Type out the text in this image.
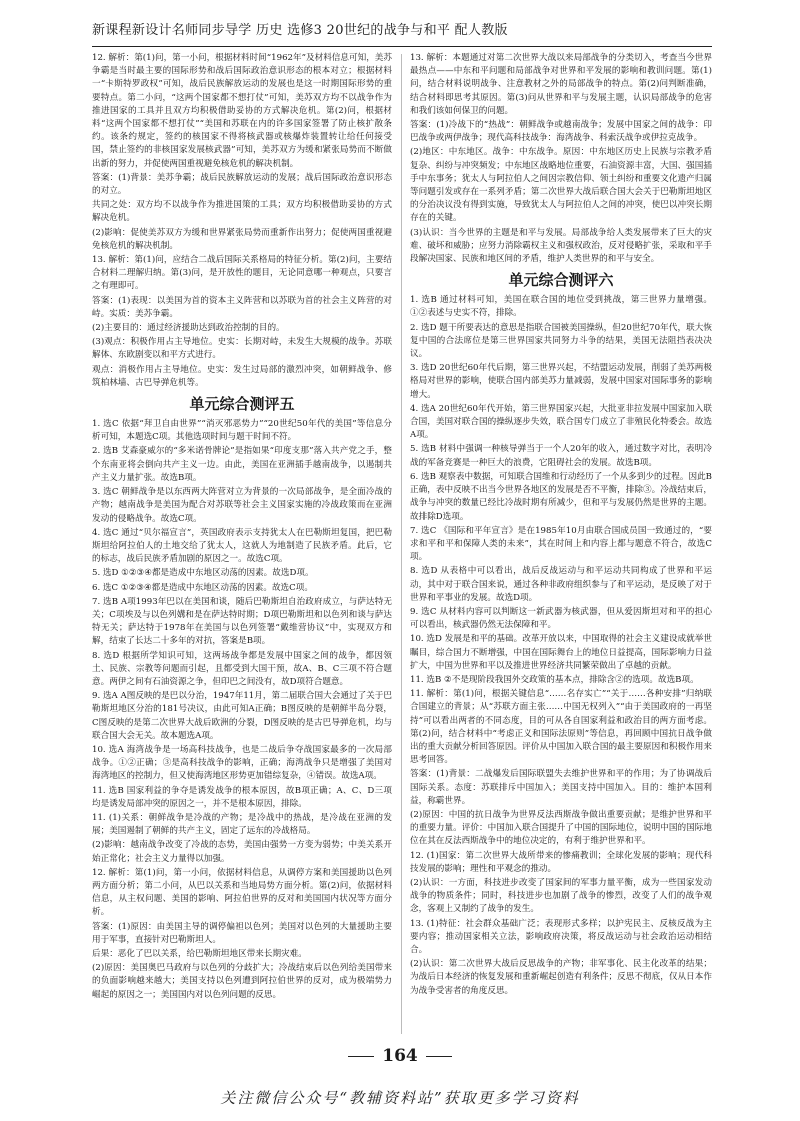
新课程新设计名师同步导学 历史 选修3 20世纪的战争与和平 配人教版
12. 解析：第(1)问，第一小问，根据材料时间“1962年”及材料信息可知，美苏争霸是当时最主要的国际形势和战后国际政治意识形态的根本对立；根据材料一“卡斯特罗政权”可知，战后民族解放运动的发展也是这一时期国际形势的重要特点。第二小问，“这两个国家都不想打仗”可知，美苏双方均不以战争作为推进国家的工具并且双方均积极借助妥协的方式解决危机。第(2)问，根据材料“这两个国家都不想打仗”“美国和苏联在内的许多国家签署了防止核扩散条约。该条约规定，签约的核国家不得将核武器或核爆炸装置转让给任何接受国，禁止签约的非核国家发展核武器”可知，美苏双方为缓和紧张局势而不断做出新的努力，并促使两国重视避免核危机的解决机制。
答案：(1)背景：美苏争霸；战后民族解放运动的发展；战后国际政治意识形态的对立。
共同之处：双方均不以战争作为推进国策的工具；双方均积极借助妥协的方式解决危机。
(2)影响：促使美苏双方为缓和世界紧张局势而重新作出努力；促使两国重视避免核危机的解决机制。
13. 解析：第(1)问，应结合二战后国际关系格局的特征分析。第(2)问，主要结合材料二理解归纳。第(3)问，是开放性的题目，无论同意哪一种观点，只要言之有理即可。
答案：(1)表现：以美国为首的资本主义阵营和以苏联为首的社会主义阵营的对峙。实质：美苏争霸。
(2)主要目的：通过经济援助达到政治控制的目的。
(3)观点：积极作用占主导地位。史实：长期对峙，未发生大规模的战争。苏联解体、东欧剧变以和平方式进行。
观点：消极作用占主导地位。史实：发生过局部的激烈冲突，如朝鲜战争、修筑柏林墙、古巴导弹危机等。
单元综合测评五
1. 选C 依据“拜卫自由世界”“消灭邪恶势力”“20世纪50年代的美国”等信息分析可知，本题选C项。其他选项时间与题干时间不符。
2. 选B 艾森豪威尔的“多米诺骨牌论”是指如果“印度支那”落入共产党之手，整个东南亚将会倒向共产主义一边。由此，美国在亚洲插手越南战争，以遏制共产主义力量扩张。故选B项。
3. 选C 朝鲜战争是以东西两大阵营对立为背景的一次局部战争，是全面冷战的产物；越南战争是美国为配合对苏联等社会主义国家实施的冷战政策而在亚洲发动的侵略战争。故选C项。
4. 选C 通过“贝尔福宣言”，英国政府表示支持犹太人在巴勒斯坦复国，把巴勒斯坦给阿拉伯人的土地交给了犹太人，这就人为地制造了民族矛盾。此后，它的标志，战后民族矛盾加剧的原因之一。故选C项。
5. 选D ①②③④都是造成中东地区动荡的因素。故选D项。
6. 选C ①②③④都是造成中东地区动荡的因素。故选C项。
7. 选B A项1993年巴以在美国和谈，随后巴勒斯坦自治政府成立，与萨达特无关；C项埃及与以色列媾和是在萨达特时期；D项巴勒斯坦和以色列和谈与萨达特无关；萨达特于1978年在美国与以色列签署“戴维营协议”中，实现双方和解，结束了长达二十多年的对抗，答案是B项。
8. 选D 根据所学知识可知，这两场战争都是发展中国家之间的战争，都因领土、民族、宗教等问题而引起，且都受到大国干预，故A、B、C三项不符合题意。两伊之间有石油资源之争，但印巴之间没有，故D项符合题意。
9. 选A A图反映的是巴以分治，1947年11月，第二届联合国大会通过了关于巴勒斯坦地区分治的181号决议，由此可知A正确；B图反映的是朝鲜半岛分裂，C图反映的是第二次世界大战后欧洲的分裂，D图反映的是古巴导弹危机，均与联合国大会无关。故本题选A项。
10. 选A 海湾战争是一场高科技战争，也是二战后争夺战国家最多的一次局部战争。①②正确；③是高科技战争的影响，正确；海湾战争只是增强了美国对海湾地区的控制力，但又使海湾地区形势更加错综复杂，④错误。故选A项。
11. 选B 国家利益的争夺是诱发战争的根本原因，故B项正确；A、C、D三项均是诱发局部冲突的原因之一，并不是根本原因，排除。
11. (1)关系：朝鲜战争是冷战的产物；是冷战中的热战，是冷战在亚洲的发展；美国遏制了朝鲜的共产主义，固定了远东的冷战格局。
(2)影响：越南战争改变了冷战的态势，美国由强势一方变为弱势；中美关系开始正常化；社会主义力量得以加强。
12. 解析：第(1)问，第一小问，依据材料信息，从调停方案和美国援助以色列两方面分析；第二小问，从巴以关系和当地局势方面分析。第(2)问，依据材料信息，从主权问题、美国的影响、阿拉伯世界的反对和美国国内状况等方面分析。
答案：(1)原因：由美国主导的调停偏袒以色列；美国对以色列的大量援助主要用于军事，直接针对巴勒斯坦人。
后果：恶化了巴以关系，给巴勒斯坦地区带来长期灾难。
(2)原因：美国奥巴马政府与以色列的分歧扩大；冷战结束后以色列给美国带来的负面影响越来越大；美国支持以色列遭到阿拉伯世界的反对，成为极端势力崛起的原因之一；美国国内对以色列问题的反思。
13. 解析：本题通过对第二次世界大战以来局部战争的分类切入，考查当今世界最热点——中东和平问题和局部战争对世界和平发展的影响和教训问题。第(1)问，结合材料说明战争、注意教材之外的局部战争的特点。第(2)问判断准确，结合材料即思考其原因。第(3)问从世界和平与发展主题，认识局部战争的危害和我们该如何保卫的问题。
答案：(1)冷战下的“热战”：朝鲜战争或越南战争；发展中国家之间的战争：印巴战争或两伊战争；现代高科技战争：海湾战争、科索沃战争或伊拉克战争。
(2)地区：中东地区。战争：中东战争。原因：中东地区历史上民族与宗教矛盾复杂、纠纷与冲突频发；中东地区战略地位重要，石油资源丰富，大国、强国插手中东事务；犹太人与阿拉伯人之间因宗教信仰、领土纠纷和重要文化遗产归属等问题引发或存在一系列矛盾；第二次世界大战后联合国大会关于巴勒斯坦地区的分治决议没有得到实施，导致犹太人与阿拉伯人之间的冲突，使巴以冲突长期存在的关键。
(3)认识：当今世界的主题是和平与发展。局部战争给人类发展带来了巨大的灾难、破坏和威胁；应努力消除霸权主义和强权政治，反对侵略扩张，采取和平手段解决国家、民族和地区间的矛盾，维护人类世界的和平与安全。
单元综合测评六
1. 选B 通过材料可知，美国在联合国的地位受到挑战，第三世界力量增强。①②表述与史实不符，排除。
2. 选D 题干所要表达的意思是指联合国被美国操纵，但20世纪70年代，联大恢复中国的合法席位是第三世界国家共同努力斗争的结果，美国无法阻挡表决决议。
3. 选D 20世纪60年代后期，第三世界兴起，不结盟运动发展，削弱了美苏两极格局对世界的影响，使联合国内部美苏力量减弱，发展中国家对国际事务的影响增大。
4. 选A 20世纪60年代开始，第三世界国家兴起，大批亚非拉发展中国家加入联合国，美国对联合国的操纵逐步失效，联合国专门成立了非殖民化特委会。故选A项。
5. 选B 材料中强调一种核导弹当于一个人20年的收入，通过数字对比，表明冷战的军备竞赛是一种巨大的浪费，它阻碍社会的发展。故选B项。
6. 选B 观察表中数据，可知联合国维和行动经历了一个从多到少的过程。因此B正确，表中反映不出当今世界各地区的发展是否不平衡，排除③。冷战结束后，战争与冲突的数量已经比冷战时期有所减少，但和平与发展仍然是世界的主题。故排除D选项。
7. 选C 《国际和平年宣言》是在1985年10月由联合国成员国一致通过的，“要求和平和平和保障人类的未来”，其在时间上和内容上都与题意不符合，故选C项。
8. 选D 从表格中可以看出，战后反战运动与和平运动共同构成了世界和平运动，其中对于联合国来说，通过各种非政府组织参与了和平运动，是反映了对于世界和平事业的发展。故选D项。
9. 选C 从材料内容可以判断这一新武器为核武器，但从爱因斯坦对和平的担心可以看出，核武器仍然无法保障和平。
10. 选D 发展是和平的基础。改革开放以来，中国取得的社会主义建设成就举世瞩目，综合国力不断增强，中国在国际舞台上的地位日益提高，国际影响力日益扩大，中国为世界和平以及推进世界经济共同繁荣做出了卓越的贡献。
11. 选B ②不是现阶段我国外交政策的基本点，排除含②的选项。故选B项。
11. 解析：第(1)问，根据关键信息“……名存实亡”“关于……各种安排”归纳联合国建立的背景；从“苏联方面主张……中国无权列入”“由于美国政府的一再坚持”可以看出两者的不同态度，目的可从各自国家利益和政治目的两方面考虑。第(2)问，结合材料中“考虑正义和国际法原则”等信息，再回顾中国抗日战争做出的重大贡献分析回答原因。评价从中国加入联合国的最主要原因和积极作用来思考回答。
答案：(1)背景：二战爆发后国际联盟失去维护世界和平的作用；为了协调战后国际关系。态度：苏联排斥中国加入；美国支持中国加入。目的：维护本国利益，称霸世界。
(2)原因：中国的抗日战争为世界反法西斯战争做出重要贡献；是维护世界和平的重要力量。评价：中国加入联合国提升了中国的国际地位，说明中国的国际地位在其在反法西斯战争中的地位决定的，有利于维护世界和平。
12. (1)国家：第二次世界大战所带来的惨痛教训；全球化发展的影响；现代科技发展的影响；理性和平观念的推动。
(2)认识：一方面，科技进步改变了国家间的军事力量平衡，成为一些国家发动战争的物质条件；同时，科技进步也加剧了战争的惨烈，改变了人们的战争观念，客观上又制约了战争的发生。
13. (1)特征：社会群众基础广泛；表现形式多样；以护宪民主、反核反战为主要内容；推动国家相关立法，影响政府决策，将反战运动与社会政治运动相结合。
(2)认识：第二次世界大战后反思战争的产物；非军事化、民主化改革的结果；为战后日本经济的恢复发展和重新崛起创造有利条件；反思不彻底，仅从日本作为战争受害者的角度反思。
164
关注微信公众号“教辅资料站”获取更多学习资料
